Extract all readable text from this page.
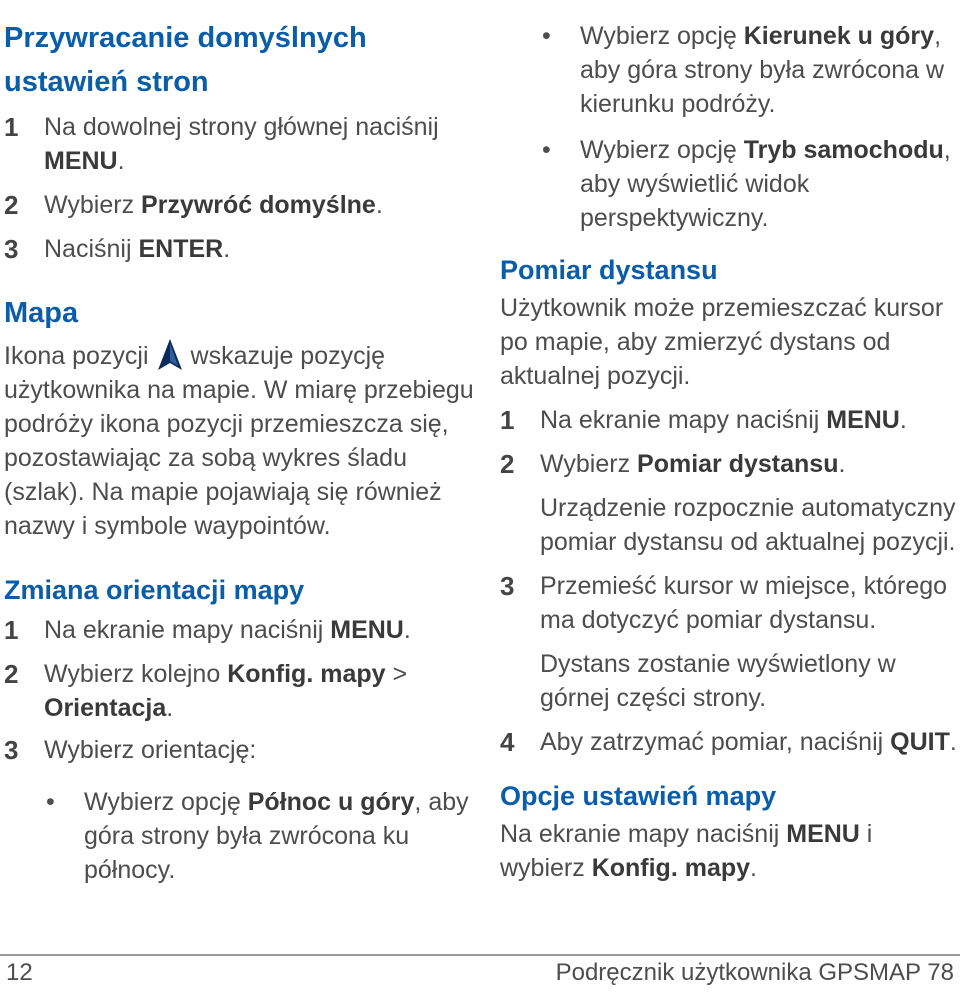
Przywracanie domyślnych ustawień stron
1	Na dowolnej strony głównej naciśnij MENU.
2	Wybierz Przywróć domyślne.
3	Naciśnij ENTER.
Mapa

Ikona pozycji wskazuje pozycję użytkownika na mapie. W miarę przebiegu podróży ikona pozycji przemieszcza się, pozostawiając za sobą wykres śladu (szlak). Na mapie pojawiają się również nazwy i symbole waypointów.

Zmiana orientacji mapy
1	Na ekranie mapy naciśnij MENU.
2	Wybierz kolejno Konfig. mapy > Orientacja.
3	Wybierz orientację:
•	Wybierz opcję Północ u góry, aby góra strony była zwrócona ku północy.
•	Wybierz opcję Kierunek u góry, aby góra strony była zwrócona w kierunku podróży.
•	Wybierz opcję Tryb samochodu, aby wyświetlić widok perspektywiczny.
Pomiar dystansu

Użytkownik może przemieszczać kursor po mapie, aby zmierzyć dystans od aktualnej pozycji.

1	Na ekranie mapy naciśnij MENU.
2	Wybierz Pomiar dystansu.

Urządzenie rozpocznie automatyczny pomiar dystansu od aktualnej pozycji.

3	Przemieść kursor w miejsce, którego ma dotyczyć pomiar dystansu.

Dystans zostanie wyświetlony w górnej części strony.

4	Aby zatrzymać pomiar, naciśnij QUIT.
Opcje ustawień mapy

Na ekranie mapy naciśnij MENU i wybierz Konfig. mapy.

12	Podręcznik użytkownika GPSMAP 78
